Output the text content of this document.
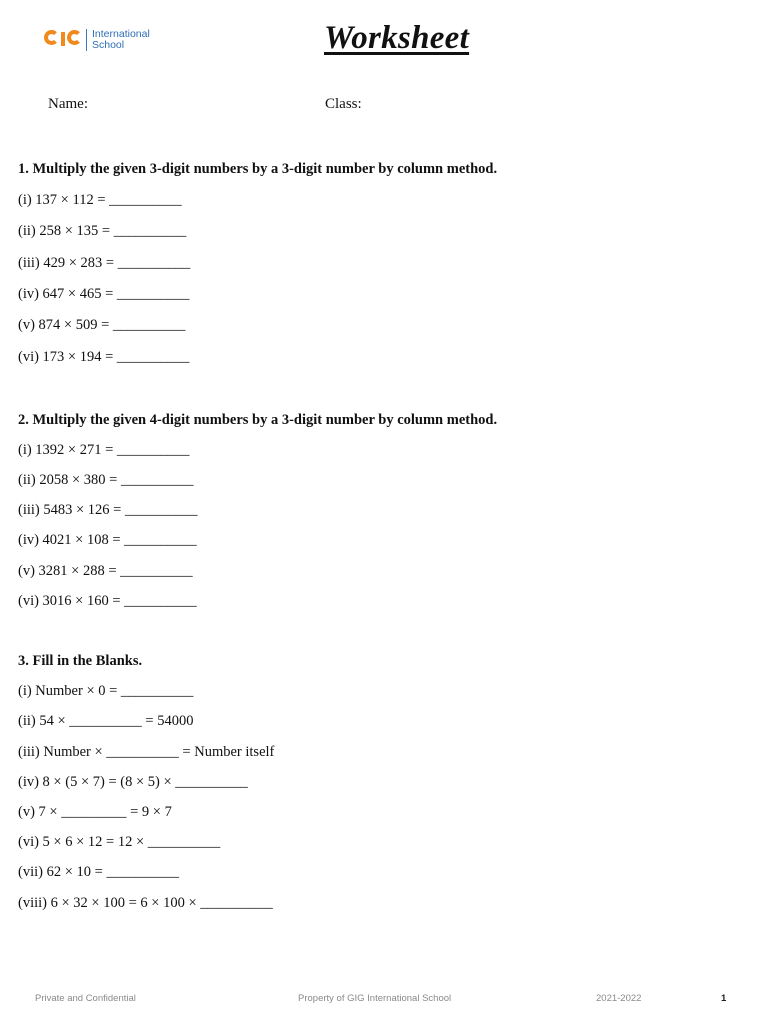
International
School	Worksheet
Name:	Class:
1. Multiply the given 3-digit numbers by a 3-digit number by column method.
(i) 137 × 112 = __________
(ii) 258 × 135 = __________
(iii) 429 × 283 = __________
(iv) 647 × 465 = __________
(v) 874 × 509 = __________
(vi) 173 × 194 = __________
2. Multiply the given 4-digit numbers by a 3-digit number by column method.
(i) 1392 × 271 = __________
(ii) 2058 × 380 = __________
(iii) 5483 × 126 = __________
(iv) 4021 × 108 = __________
(v) 3281 × 288 = __________
(vi) 3016 × 160 = __________
3. Fill in the Blanks.
(i) Number × 0 = __________
(ii) 54 × __________ = 54000
(iii) Number × __________ = Number itself
(iv) 8 × (5 × 7) = (8 × 5) × __________
(v) 7 × _________ = 9 × 7
(vi) 5 × 6 × 12 = 12 × __________
(vii) 62 × 10 = __________
(viii) 6 × 32 × 100 = 6 × 100 × __________
Private and Confidential	Property of GIG International School	2021-2022	1
